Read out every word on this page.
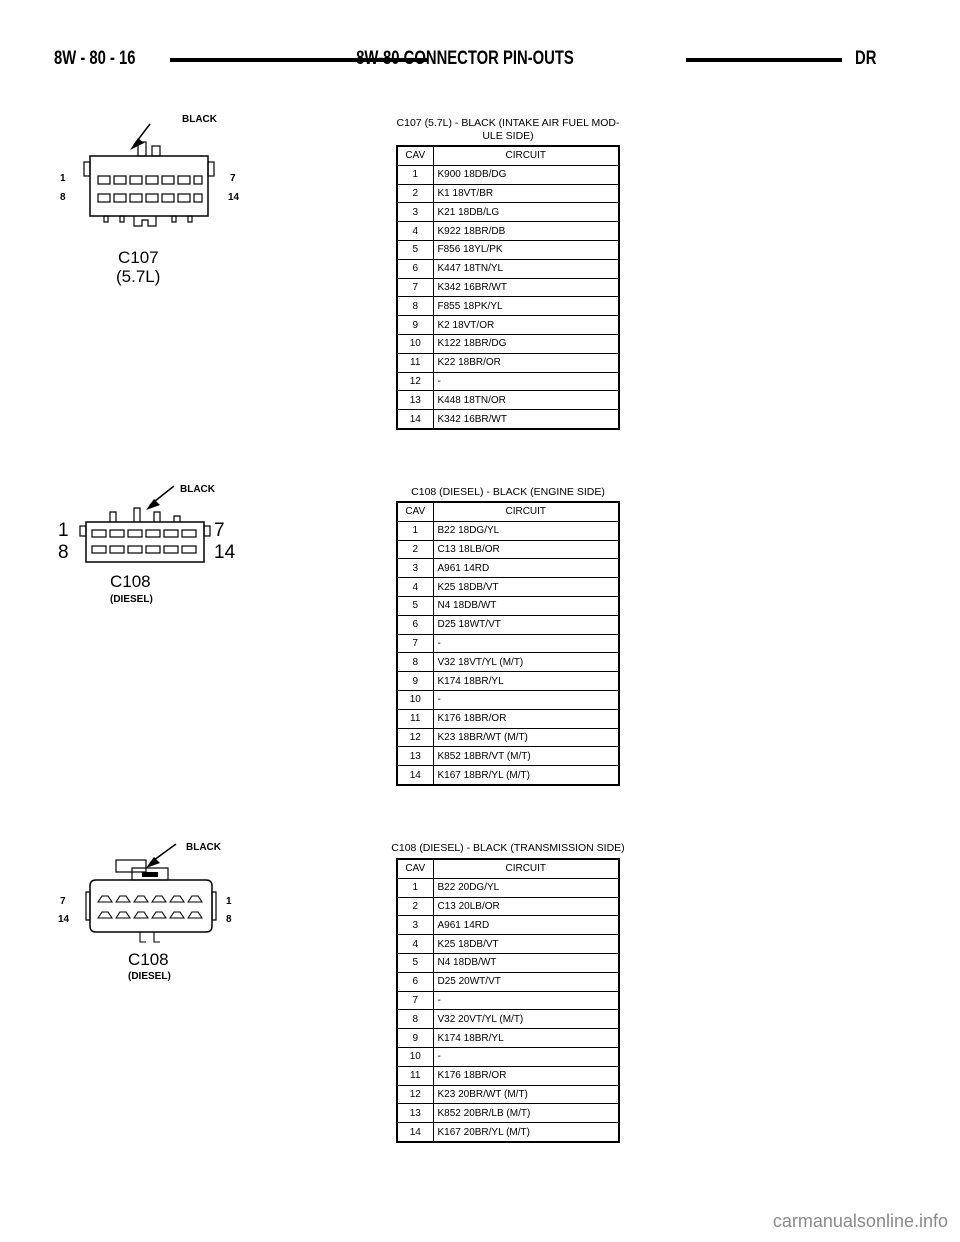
8W - 80 - 16	8W-80 CONNECTOR PIN-OUTS	DR
BLACK
1
8
7
14
C107
(5.7L)
C107 (5.7L) - BLACK (INTAKE AIR FUEL MOD-
ULE SIDE)
CAV	CIRCUIT
1	K900 18DB/DG
2	K1 18VT/BR
3	K21 18DB/LG
4	K922 18BR/DB
5	F856 18YL/PK
6	K447 18TN/YL
7	K342 16BR/WT
8	F855 18PK/YL
9	K2 18VT/OR
10	K122 18BR/DG
11	K22 18BR/OR
12	-
13	K448 18TN/OR
14	K342 16BR/WT
BLACK
1
8
7
14
C108
(DIESEL)
C108 (DIESEL) - BLACK (ENGINE SIDE)
CAV	CIRCUIT
1	B22 18DG/YL
2	C13 18LB/OR
3	A961 14RD
4	K25 18DB/VT
5	N4 18DB/WT
6	D25 18WT/VT
7	-
8	V32 18VT/YL (M/T)
9	K174 18BR/YL
10	-
11	K176 18BR/OR
12	K23 18BR/WT (M/T)
13	K852 18BR/VT (M/T)
14	K167 18BR/YL (M/T)
BLACK
7
14
1
8
C108
(DIESEL)
C108 (DIESEL) - BLACK (TRANSMISSION SIDE)
CAV	CIRCUIT
1	B22 20DG/YL
2	C13 20LB/OR
3	A961 14RD
4	K25 18DB/VT
5	N4 18DB/WT
6	D25 20WT/VT
7	-
8	V32 20VT/YL (M/T)
9	K174 18BR/YL
10	-
11	K176 18BR/OR
12	K23 20BR/WT (M/T)
13	K852 20BR/LB (M/T)
14	K167 20BR/YL (M/T)
carmanualsonline.info
